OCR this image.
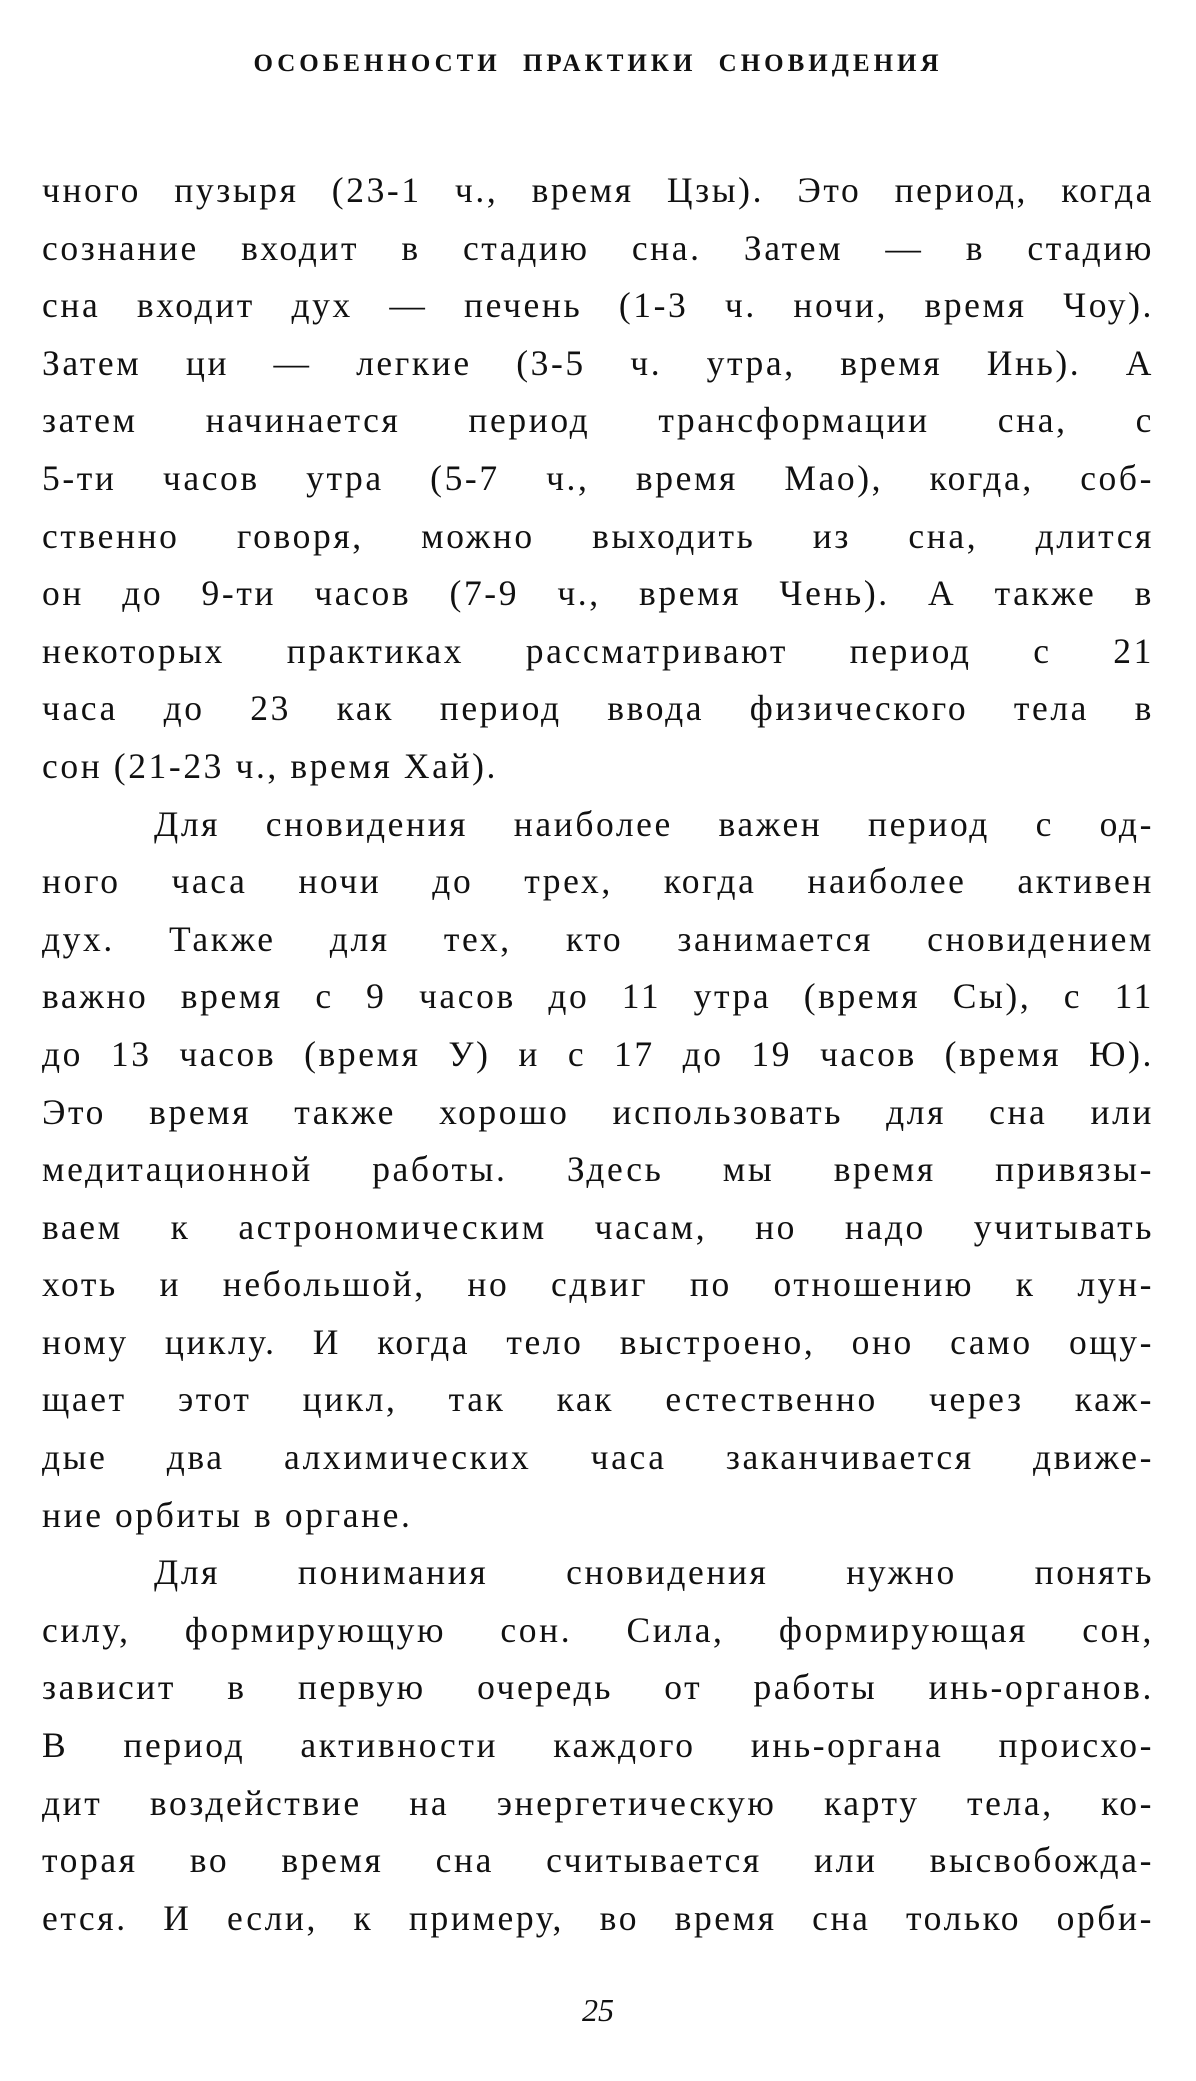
ОСОБЕННОСТИ ПРАКТИКИ СНОВИДЕНИЯ
чного пузыря (23-1 ч., время Цзы). Это период, когда
сознание входит в стадию сна. Затем — в стадию
сна входит дух — печень (1-3 ч. ночи, время Чоу).
Затем ци — легкие (3-5 ч. утра, время Инь). А
затем начинается период трансформации сна, с
5-ти часов утра (5-7 ч., время Мао), когда, соб-
ственно говоря, можно выходить из сна, длится
он до 9-ти часов (7-9 ч., время Чень). А также в
некоторых практиках рассматривают период с 21
часа до 23 как период ввода физического тела в
сон (21-23 ч., время Хай).
Для сновидения наиболее важен период с од-
ного часа ночи до трех, когда наиболее активен
дух. Также для тех, кто занимается сновидением
важно время с 9 часов до 11 утра (время Сы), с 11
до 13 часов (время У) и с 17 до 19 часов (время Ю).
Это время также хорошо использовать для сна или
медитационной работы. Здесь мы время привязы-
ваем к астрономическим часам, но надо учитывать
хоть и небольшой, но сдвиг по отношению к лун-
ному циклу. И когда тело выстроено, оно само ощу-
щает этот цикл, так как естественно через каж-
дые два алхимических часа заканчивается движе-
ние орбиты в органе.
Для понимания сновидения нужно понять
силу, формирующую сон. Сила, формирующая сон,
зависит в первую очередь от работы инь-органов.
В период активности каждого инь-органа происхо-
дит воздействие на энергетическую карту тела, ко-
торая во время сна считывается или высвобожда-
ется. И если, к примеру, во время сна только орби-
25
